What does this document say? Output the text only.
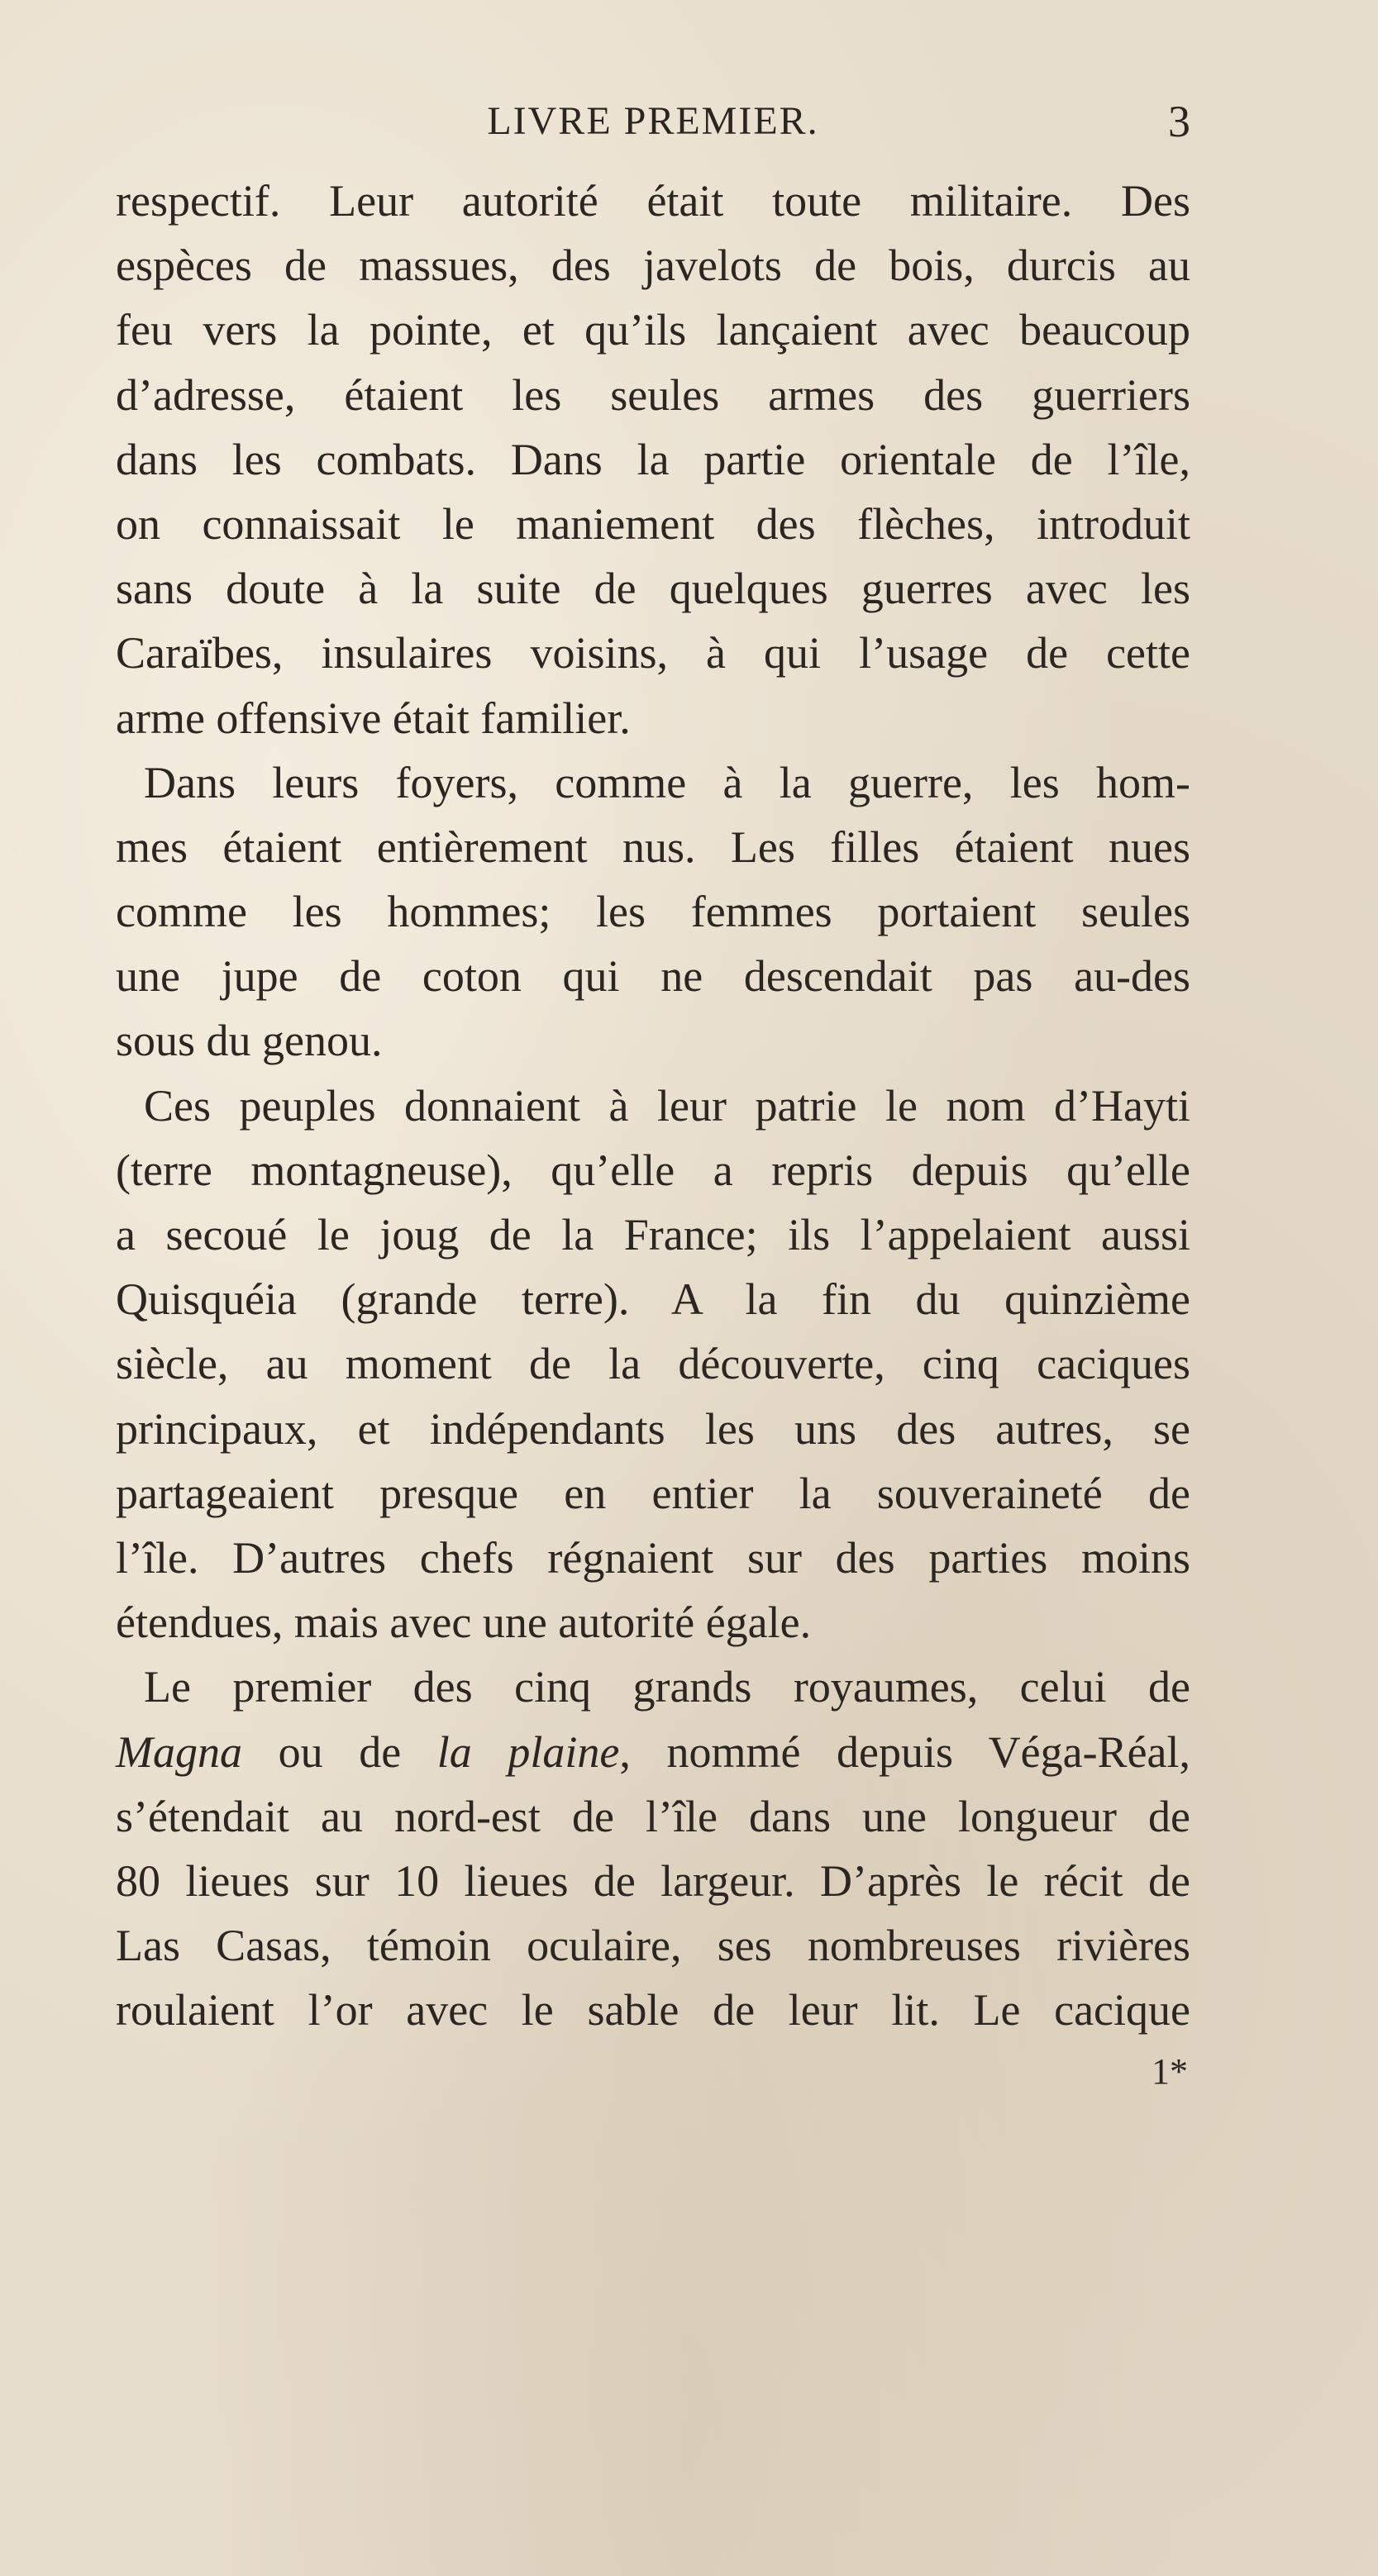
LIVRE PREMIER.	3
respectif. Leur autorité était toute militaire. Des
espèces de massues, des javelots de bois, durcis au
feu vers la pointe, et qu’ils lançaient avec beaucoup
d’adresse, étaient les seules armes des guerriers
dans les combats. Dans la partie orientale de l’île,
on connaissait le maniement des flèches, introduit
sans doute à la suite de quelques guerres avec les
Caraïbes, insulaires voisins, à qui l’usage de cette
arme offensive était familier.
Dans leurs foyers, comme à la guerre, les hom-
mes étaient entièrement nus. Les filles étaient nues
comme les hommes; les femmes portaient seules
une jupe de coton qui ne descendait pas au-des
sous du genou.
Ces peuples donnaient à leur patrie le nom d’Hayti
(terre montagneuse), qu’elle a repris depuis qu’elle
a secoué le joug de la France; ils l’appelaient aussi
Quisquéia (grande terre). A la fin du quinzième
siècle, au moment de la découverte, cinq caciques
principaux, et indépendants les uns des autres, se
partageaient presque en entier la souveraineté de
l’île. D’autres chefs régnaient sur des parties moins
étendues, mais avec une autorité égale.
Le premier des cinq grands royaumes, celui de
Magna ou de la plaine, nommé depuis Véga-Réal,
s’étendait au nord-est de l’île dans une longueur de
80 lieues sur 10 lieues de largeur. D’après le récit de
Las Casas, témoin oculaire, ses nombreuses rivières
roulaient l’or avec le sable de leur lit. Le cacique
1*
